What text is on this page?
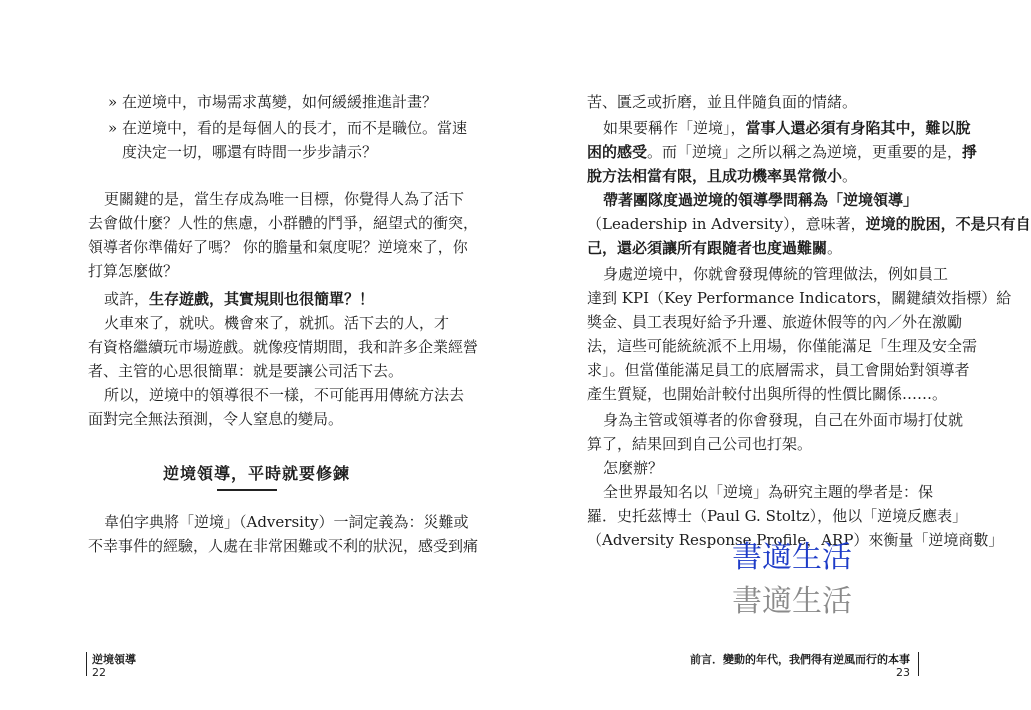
» 在逆境中，市場需求萬變，如何緩緩推進計畫？
» 在逆境中，看的是每個人的長才，而不是職位。當速
度決定一切，哪還有時間一步步請示？
更關鍵的是，當生存成為唯一目標，你覺得人為了活下
去會做什麼？人性的焦慮，小群體的鬥爭，絕望式的衝突，
領導者你準備好了嗎？ 你的膽量和氣度呢？逆境來了，你
打算怎麼做？
或許，生存遊戲，其實規則也很簡單？！
火車來了，就吠。機會來了，就抓。活下去的人，才
有資格繼續玩市場遊戲。就像疫情期間，我和許多企業經營
者、主管的心思很簡單：就是要讓公司活下去。
所以，逆境中的領導很不一樣，不可能再用傳統方法去
面對完全無法預測，令人窒息的變局。
逆境領導，平時就要修鍊
韋伯字典將「逆境」（Adversity）一詞定義為：災難或
不幸事件的經驗，人處在非常困難或不利的狀況，感受到痛
逆境領導
22
苦、匱乏或折磨，並且伴隨負面的情緒。
如果要稱作「逆境」，當事人還必須有身陷其中，難以脫
困的感受。而「逆境」之所以稱之為逆境，更重要的是，掙
脫方法相當有限，且成功機率異常微小。
帶著團隊度過逆境的領導學問稱為「逆境領導」
（Leadership in Adversity），意味著，逆境的脫困，不是只有自
己，還必須讓所有跟隨者也度過難關。
身處逆境中，你就會發現傳統的管理做法，例如員工
達到 KPI（Key Performance Indicators，關鍵績效指標）給
獎金、員工表現好給予升遷、旅遊休假等的內／外在激勵
法，這些可能統統派不上用場，你僅能滿足「生理及安全需
求」。但當僅能滿足員工的底層需求，員工會開始對領導者
產生質疑，也開始計較付出與所得的性價比關係……。
身為主管或領導者的你會發現，自己在外面市場打仗就
算了，結果回到自己公司也打架。
怎麼辦？
全世界最知名以「逆境」為研究主題的學者是：保
羅．史托茲博士（Paul G. Stoltz），他以「逆境反應表」
（Adversity Response Profile，ARP）來衡量「逆境商數」
前言．變動的年代，我們得有逆風而行的本事
23
書適生活
書適生活
